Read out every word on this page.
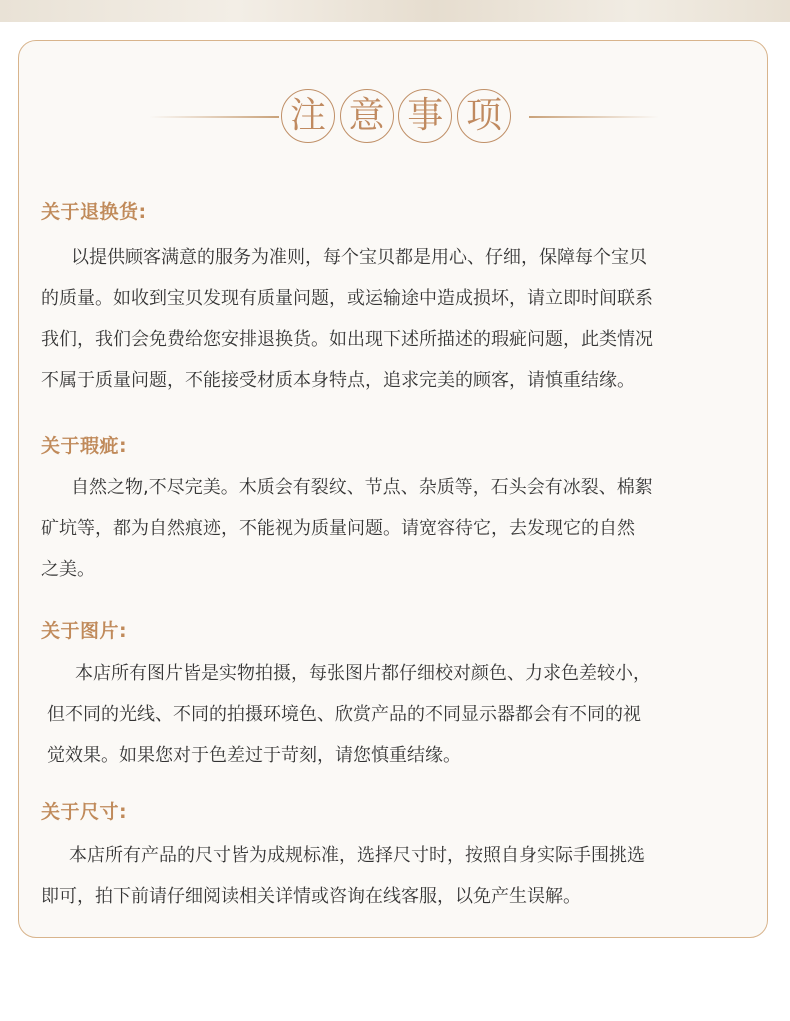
注 意 事 项
关于退换货:
以提供顾客满意的服务为准则，每个宝贝都是用心、仔细，保障每个宝贝
的质量。如收到宝贝发现有质量问题，或运输途中造成损坏，请立即时间联系
我们，我们会免费给您安排退换货。如出现下述所描述的瑕疵问题，此类情况
不属于质量问题，不能接受材质本身特点，追求完美的顾客，请慎重结缘。
关于瑕疵:
自然之物,不尽完美。木质会有裂纹、节点、杂质等，石头会有冰裂、棉絮
矿坑等，都为自然痕迹，不能视为质量问题。请宽容待它，去发现它的自然
之美。
关于图片:
本店所有图片皆是实物拍摄，每张图片都仔细校对颜色、力求色差较小，
但不同的光线、不同的拍摄环境色、欣赏产品的不同显示器都会有不同的视
觉效果。如果您对于色差过于苛刻，请您慎重结缘。
关于尺寸:
本店所有产品的尺寸皆为成规标准，选择尺寸时，按照自身实际手围挑选
即可，拍下前请仔细阅读相关详情或咨询在线客服，以免产生误解。
